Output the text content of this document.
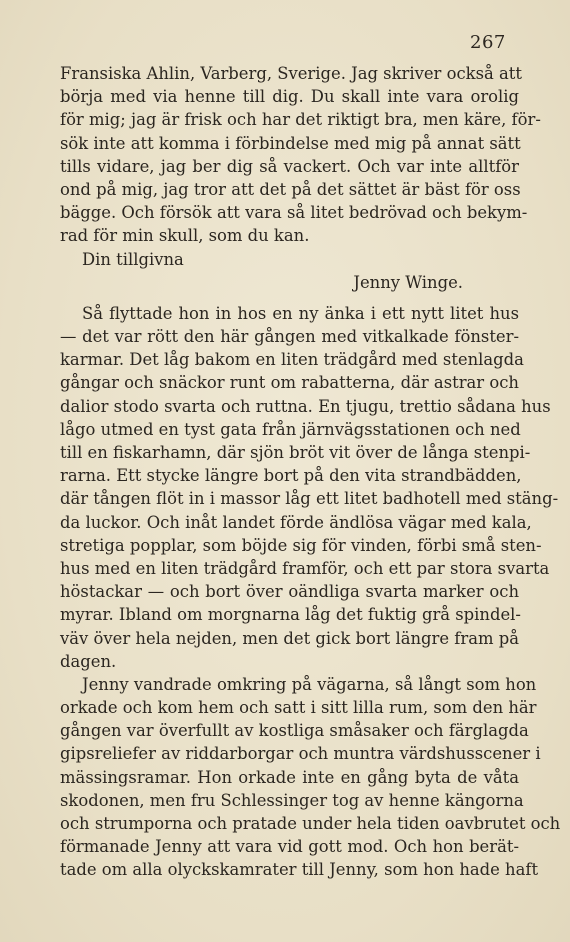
267
Fransiska Ahlin, Varberg, Sverige. Jag skriver också att
börja med via henne till dig. Du skall inte vara orolig
för mig; jag är frisk och har det riktigt bra, men käre, för-
sök inte att komma i förbindelse med mig på annat sätt
tills vidare, jag ber dig så vackert. Och var inte alltför
ond på mig, jag tror att det på det sättet är bäst för oss
bägge. Och försök att vara så litet bedrövad och bekym-
rad för min skull, som du kan.
Din tillgivna
Jenny Winge.
Så flyttade hon in hos en ny änka i ett nytt litet hus
— det var rött den här gången med vitkalkade fönster-
karmar. Det låg bakom en liten trädgård med stenlagda
gångar och snäckor runt om rabatterna, där astrar och
dalior stodo svarta och ruttna. En tjugu, trettio sådana hus
lågo utmed en tyst gata från järnvägsstationen och ned
till en fiskarhamn, där sjön bröt vit över de långa stenpi-
rarna. Ett stycke längre bort på den vita strandbädden,
där tången flöt in i massor låg ett litet badhotell med stäng-
da luckor. Och inåt landet förde ändlösa vägar med kala,
stretiga popplar, som böjde sig för vinden, förbi små sten-
hus med en liten trädgård framför, och ett par stora svarta
höstackar — och bort över oändliga svarta marker och
myrar. Ibland om morgnarna låg det fuktig grå spindel-
väv över hela nejden, men det gick bort längre fram på
dagen.
Jenny vandrade omkring på vägarna, så långt som hon
orkade och kom hem och satt i sitt lilla rum, som den här
gången var överfullt av kostliga småsaker och färglagda
gipsreliefer av riddarborgar och muntra värdshusscener i
mässingsramar. Hon orkade inte en gång byta de våta
skodonen, men fru Schlessinger tog av henne kängorna
och strumporna och pratade under hela tiden oavbrutet och
förmanade Jenny att vara vid gott mod. Och hon berät-
tade om alla olyckskamrater till Jenny, som hon hade haft
